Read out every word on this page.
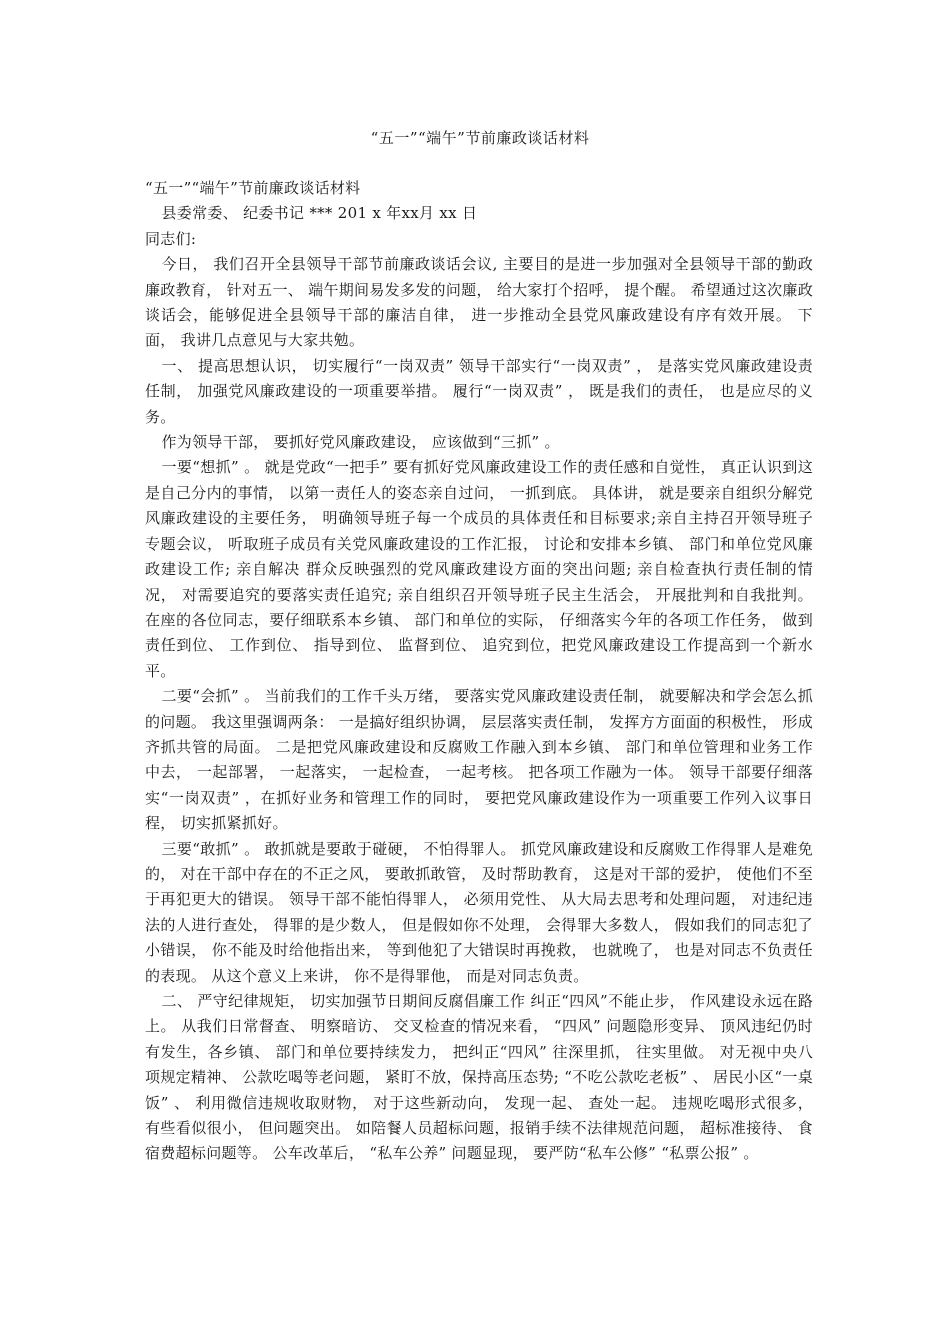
“五一”“端午”节前廉政谈话材料

“五一”“端午”节前廉政谈话材料

县委常委、 纪委书记 *** 201 x 年xx月 xx 日

同志们:

今日， 我们召开全县领导干部节前廉政谈话会议, 主要目的是进一步加强对全县领导干部的勤政廉政教育， 针对五一、 端午期间易发多发的问题， 给大家打个招呼， 提个醒。 希望通过这次廉政谈话会，能够促进全县领导干部的廉洁自律， 进一步推动全县党风廉政建设有序有效开展。 下面， 我讲几点意见与大家共勉。

一、 提高思想认识， 切实履行“一岗双责” 领导干部实行“一岗双责” ， 是落实党风廉政建设责任制， 加强党风廉政建设的一项重要举措。 履行“一岗双责” ， 既是我们的责任， 也是应尽的义务。

作为领导干部， 要抓好党风廉政建设， 应该做到“三抓” 。

一要“想抓” 。 就是党政“一把手” 要有抓好党风廉政建设工作的责任感和自觉性， 真正认识到这是自己分内的事情， 以第一责任人的姿态亲自过问， 一抓到底。 具体讲， 就是要亲自组织分解党风廉政建设的主要任务， 明确领导班子每一个成员的具体责任和目标要求;亲自主持召开领导班子专题会议， 听取班子成员有关党风廉政建设的工作汇报， 讨论和安排本乡镇、 部门和单位党风廉政建设工作; 亲自解决 群众反映强烈的党风廉政建设方面的突出问题; 亲自检查执行责任制的情况， 对需要追究的要落实责任追究; 亲自组织召开领导班子民主生活会， 开展批判和自我批判。 在座的各位同志，要仔细联系本乡镇、 部门和单位的实际， 仔细落实今年的各项工作任务， 做到责任到位、 工作到位、 指导到位、 监督到位、 追究到位，把党风廉政建设工作提高到一个新水平。

二要“会抓” 。 当前我们的工作千头万绪， 要落实党风廉政建设责任制， 就要解决和学会怎么抓的问题。 我这里强调两条： 一是搞好组织协调， 层层落实责任制， 发挥方方面面的积极性， 形成齐抓共管的局面。 二是把党风廉政建设和反腐败工作融入到本乡镇、 部门和单位管理和业务工作中去， 一起部署， 一起落实， 一起检查， 一起考核。 把各项工作融为一体。 领导干部要仔细落实“一岗双责” ，在抓好业务和管理工作的同时， 要把党风廉政建设作为一项重要工作列入议事日程， 切实抓紧抓好。

三要“敢抓” 。 敢抓就是要敢于碰硬， 不怕得罪人。 抓党风廉政建设和反腐败工作得罪人是难免的， 对在干部中存在的不正之风， 要敢抓敢管， 及时帮助教育， 这是对干部的爱护， 使他们不至于再犯更大的错误。 领导干部不能怕得罪人， 必须用党性、 从大局去思考和处理问题， 对违纪违法的人进行查处， 得罪的是少数人， 但是假如你不处理， 会得罪大多数人， 假如我们的同志犯了小错误， 你不能及时给他指出来， 等到他犯了大错误时再挽救， 也就晚了， 也是对同志不负责任的表现。 从这个意义上来讲， 你不是得罪他， 而是对同志负责。

二、 严守纪律规矩， 切实加强节日期间反腐倡廉工作 纠正“四风”不能止步， 作风建设永远在路上。 从我们日常督查、 明察暗访、 交叉检查的情况来看， “四风” 问题隐形变异、 顶风违纪仍时有发生，各乡镇、 部门和单位要持续发力， 把纠正“四风” 往深里抓， 往实里做。 对无视中央八项规定精神、 公款吃喝等老问题， 紧盯不放，保持高压态势; “不吃公款吃老板” 、 居民小区“一桌饭” 、 利用微信违规收取财物， 对于这些新动向， 发现一起、 查处一起。 违规吃喝形式很多， 有些看似很小， 但问题突出。 如陪餐人员超标问题，报销手续不法律规范问题， 超标准接待、 食宿费超标问题等。 公车改革后， “私车公养” 问题显现， 要严防“私车公修” “私票公报” 。
